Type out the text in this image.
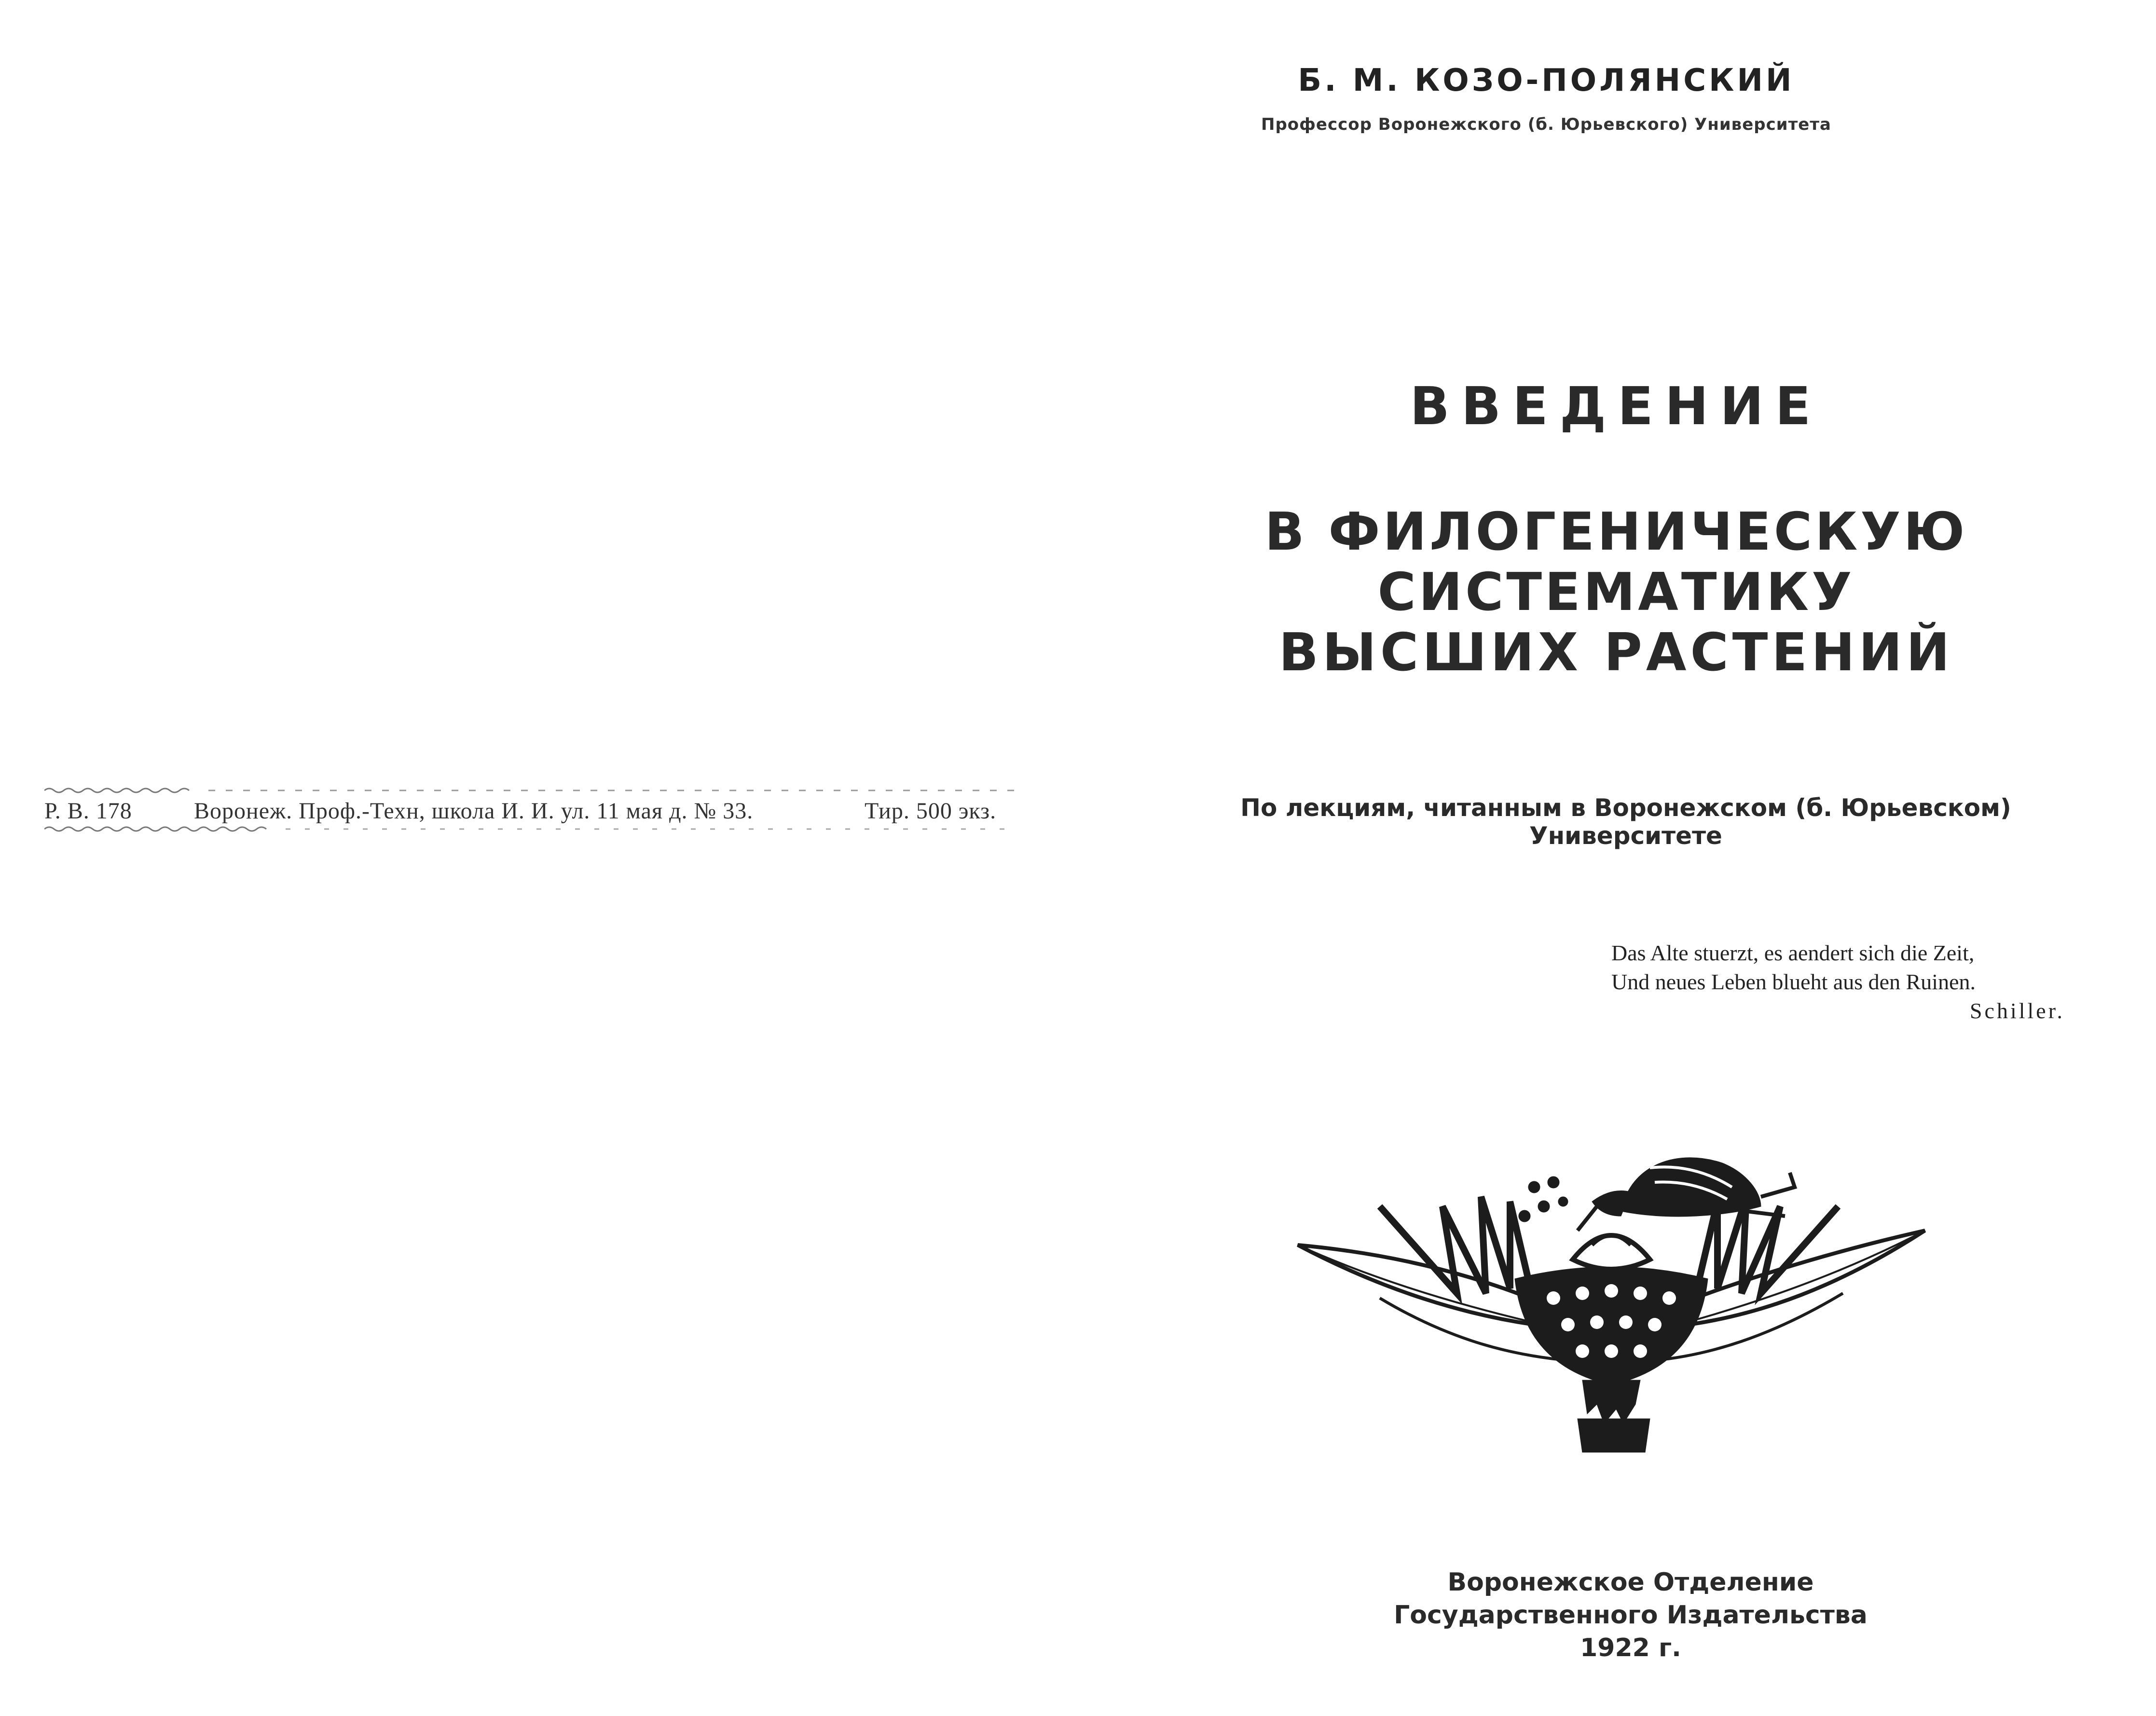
Р. В. 178	Воронеж. Проф.-Техн, школа И. И. ул. 11 мая д. № 33.	Тир. 500 экз.
Б. М. КОЗО-ПОЛЯНСКИЙ
Профессор Воронежского (б. Юрьевского) Университета
ВВЕДЕНИЕ
В ФИЛОГЕНИЧЕСКУЮ СИСТЕМАТИКУ
ВЫСШИХ РАСТЕНИЙ
По лекциям, читанным в Воронежском (б. Юрьевском) Университете
Das Alte stuerzt, es aendert sich die Zeit,
Und neues Leben blueht aus den Ruinen.
Schiller.
Воронежское Отделение
Государственного Издательства
1922 г.
